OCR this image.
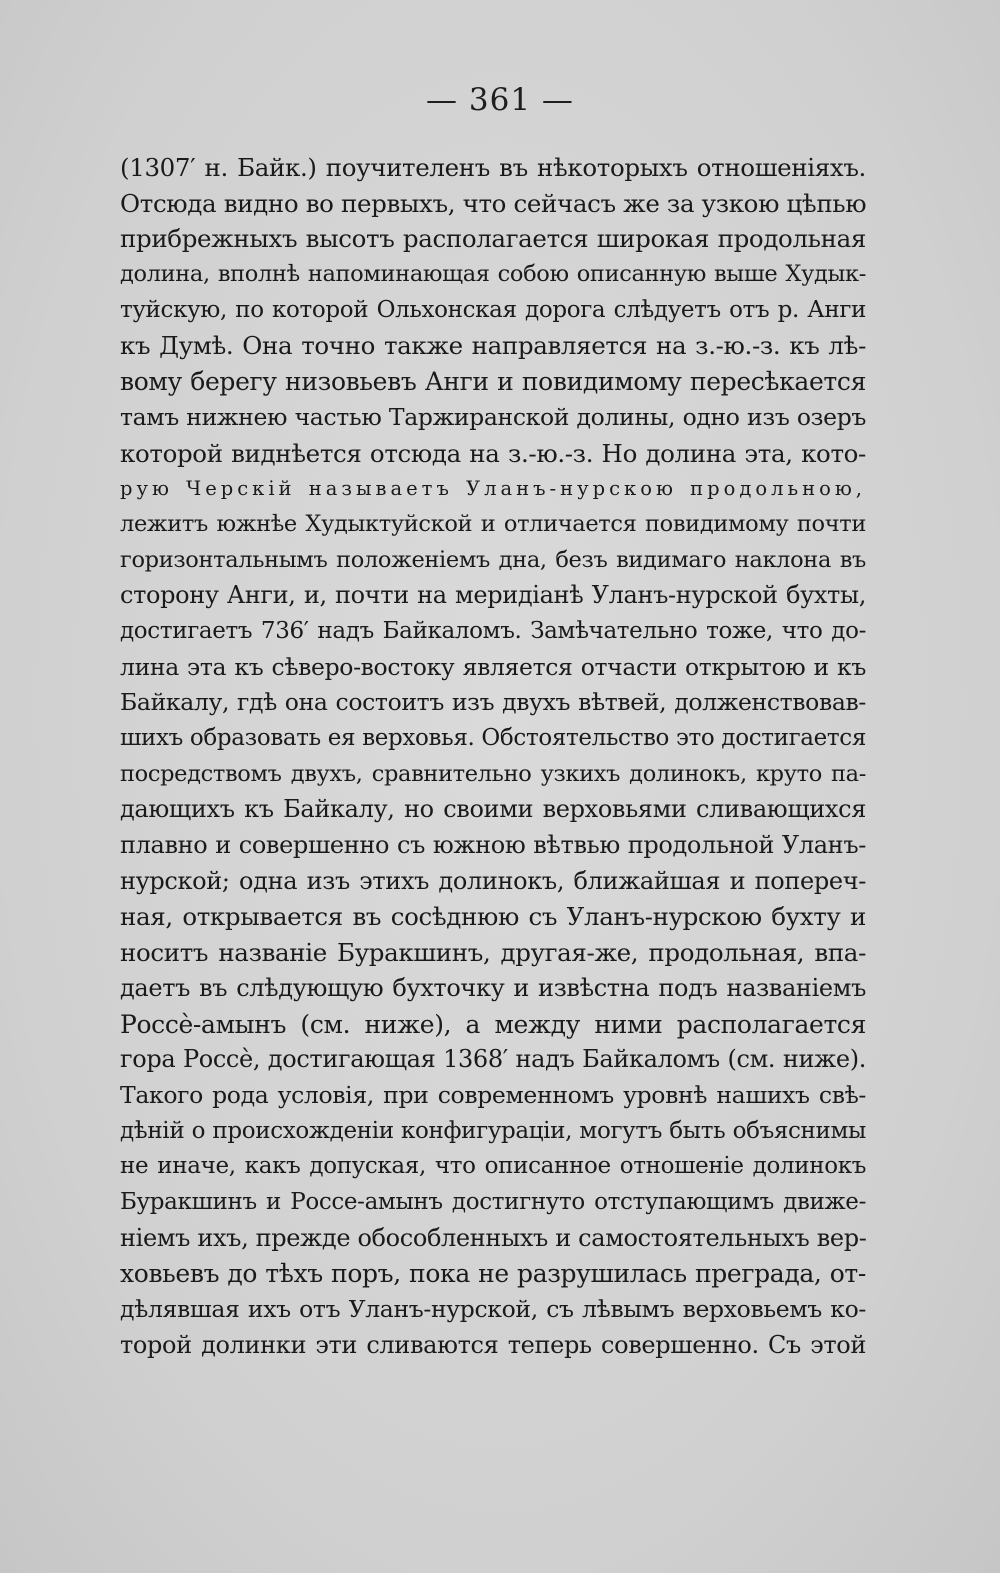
— 361 —
(1307′ н. Байк.) поучителенъ въ нѣкоторыхъ отношеніяхъ.
Отсюда видно во первыхъ, что сейчасъ же за узкою цѣпью
прибрежныхъ высотъ располагается широкая продольная
долина, вполнѣ напоминающая собою описанную выше Худык-
туйскую, по которой Ольхонская дорога слѣдуетъ отъ р. Анги
къ Думѣ. Она точно также направляется на з.-ю.-з. къ лѣ-
вому берегу низовьевъ Анги и повидимому пересѣкается
тамъ нижнею частью Таржиранской долины, одно изъ озеръ
которой виднѣется отсюда на з.-ю.-з. Но долина эта, кото-
рую Черскій называетъ Уланъ-нурскою продольною,
лежитъ южнѣе Худыктуйской и отличается повидимому почти
горизонтальнымъ положеніемъ дна, безъ видимаго наклона въ
сторону Анги, и, почти на меридіанѣ Уланъ-нурской бухты,
достигаетъ 736′ надъ Байкаломъ. Замѣчательно тоже, что до-
лина эта къ сѣверо-востоку является отчасти открытою и къ
Байкалу, гдѣ она состоитъ изъ двухъ вѣтвей, долженствовав-
шихъ образовать ея верховья. Обстоятельство это достигается
посредствомъ двухъ, сравнительно узкихъ долинокъ, круто па-
дающихъ къ Байкалу, но своими верховьями сливающихся
плавно и совершенно съ южною вѣтвью продольной Уланъ-
нурской; одна изъ этихъ долинокъ, ближайшая и попереч-
ная, открывается въ сосѣднюю съ Уланъ-нурскою бухту и
носитъ названіе Буракшинъ, другая-же, продольная, впа-
даетъ въ слѣдующую бухточку и извѣстна подъ названіемъ
Россѐ-амынъ (см. ниже), а между ними располагается
гора Россѐ, достигающая 1368′ надъ Байкаломъ (см. ниже).
Такого рода условія, при современномъ уровнѣ нашихъ свѣ-
дѣній о происхожденіи конфигураціи, могутъ быть объяснимы
не иначе, какъ допуская, что описанное отношеніе долинокъ
Буракшинъ и Россе-амынъ достигнуто отступающимъ движе-
ніемъ ихъ, прежде обособленныхъ и самостоятельныхъ вер-
ховьевъ до тѣхъ поръ, пока не разрушилась преграда, от-
дѣлявшая ихъ отъ Уланъ-нурской, съ лѣвымъ верховьемъ ко-
торой долинки эти сливаются теперь совершенно. Съ этой
